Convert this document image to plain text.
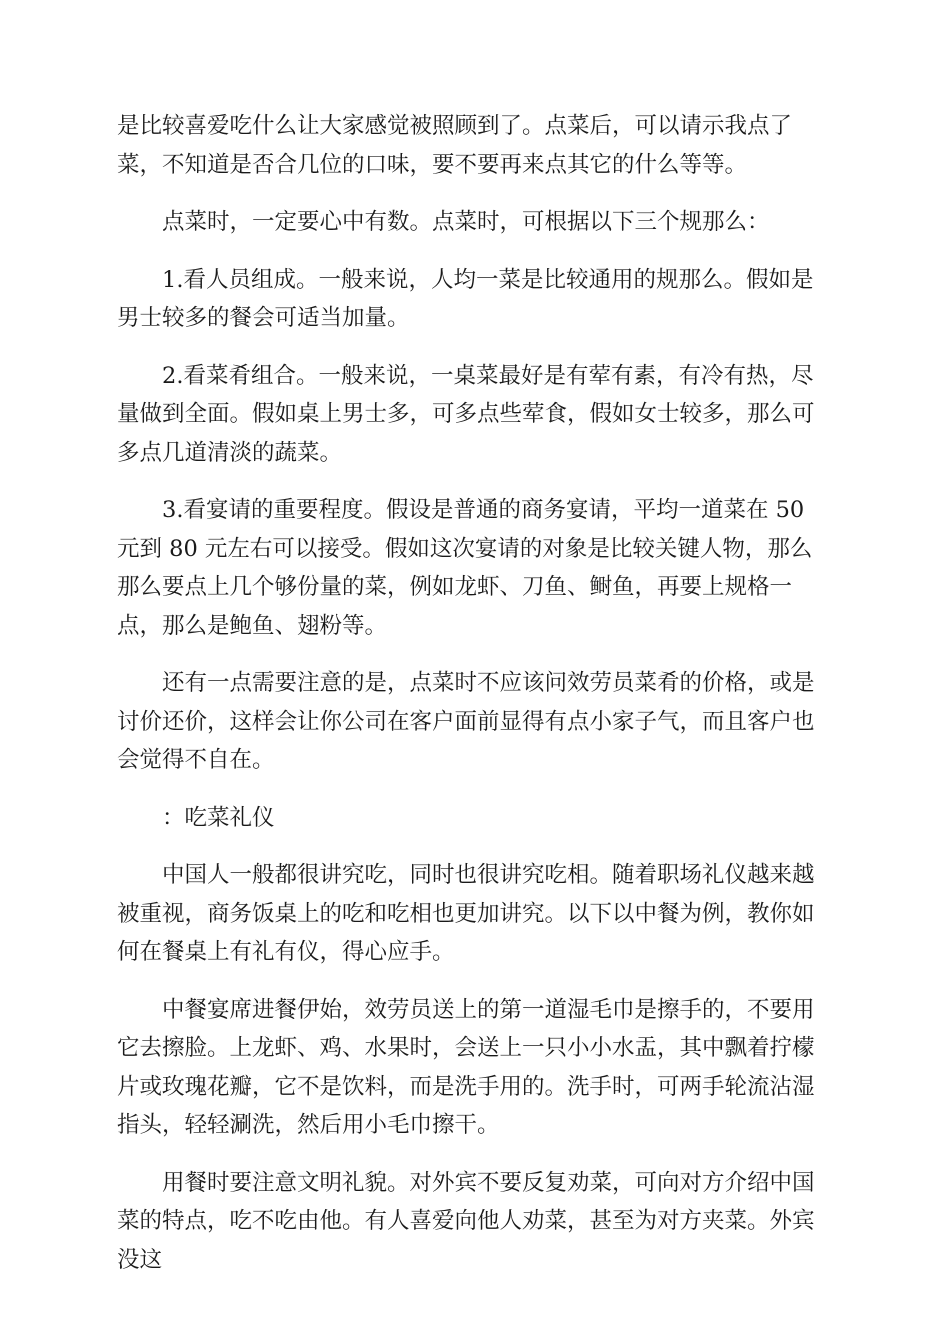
是比较喜爱吃什么让大家感觉被照顾到了。点菜后，可以请示我点了菜，不知道是否合几位的口味，要不要再来点其它的什么等等。

点菜时，一定要心中有数。点菜时，可根据以下三个规那么：

1.看人员组成。一般来说，人均一菜是比较通用的规那么。假如是男士较多的餐会可适当加量。

2.看菜肴组合。一般来说，一桌菜最好是有荤有素，有冷有热，尽量做到全面。假如桌上男士多，可多点些荤食，假如女士较多，那么可多点几道清淡的蔬菜。

3.看宴请的重要程度。假设是普通的商务宴请，平均一道菜在 50 元到 80 元左右可以接受。假如这次宴请的对象是比较关键人物，那么那么要点上几个够份量的菜，例如龙虾、刀鱼、鲥鱼，再要上规格一点，那么是鲍鱼、翅粉等。

还有一点需要注意的是，点菜时不应该问效劳员菜肴的价格，或是讨价还价，这样会让你公司在客户面前显得有点小家子气，而且客户也会觉得不自在。

：吃菜礼仪

中国人一般都很讲究吃，同时也很讲究吃相。随着职场礼仪越来越被重视，商务饭桌上的吃和吃相也更加讲究。以下以中餐为例，教你如何在餐桌上有礼有仪，得心应手。

中餐宴席进餐伊始，效劳员送上的第一道湿毛巾是擦手的，不要用它去擦脸。上龙虾、鸡、水果时，会送上一只小小水盂，其中飘着拧檬片或玫瑰花瓣，它不是饮料，而是洗手用的。洗手时，可两手轮流沾湿指头，轻轻涮洗，然后用小毛巾擦干。

用餐时要注意文明礼貌。对外宾不要反复劝菜，可向对方介绍中国菜的特点，吃不吃由他。有人喜爱向他人劝菜，甚至为对方夹菜。外宾没这
